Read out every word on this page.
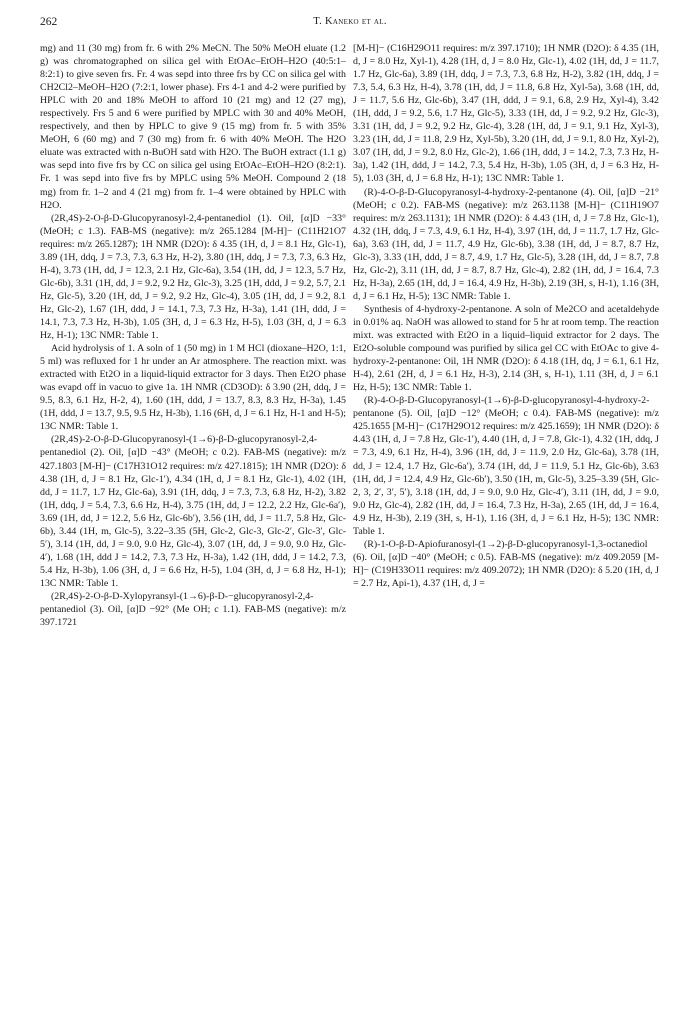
262	T. Kaneko et al.

mg) and 11 (30 mg) from fr. 6 with 2% MeCN. The 50% MeOH eluate (1.2 g) was chromatographed on silica gel with EtOAc–EtOH–H2O (40:5:1–8:2:1) to give seven frs. Fr. 4 was sepd into three frs by CC on silica gel with CH2Cl2–MeOH–H2O (7:2:1, lower phase). Frs 4-1 and 4-2 were purified by HPLC with 20 and 18% MeOH to afford 10 (21 mg) and 12 (27 mg), respectively. Frs 5 and 6 were purified by MPLC with 30 and 40% MeOH, respectively, and then by HPLC to give 9 (15 mg) from fr. 5 with 35% MeOH, 6 (60 mg) and 7 (30 mg) from fr. 6 with 40% MeOH. The H2O eluate was extracted with n-BuOH satd with H2O. The BuOH extract (1.1 g) was sepd into five frs by CC on silica gel using EtOAc–EtOH–H2O (8:2:1). Fr. 1 was sepd into five frs by MPLC using 5% MeOH. Compound 2 (18 mg) from fr. 1–2 and 4 (21 mg) from fr. 1–4 were obtained by HPLC with H2O.

(2R,4S)-2-O-β-D-Glucopyranosyl-2,4-pentanediol (1). Oil, [α]D −33° (MeOH; c 1.3). FAB-MS (negative): m/z 265.1284 [M-H]− (C11H21O7 requires: m/z 265.1287); 1H NMR (D2O): δ 4.35 (1H, d, J = 8.1 Hz, Glc-1), 3.89 (1H, ddq, J = 7.3, 7.3, 6.3 Hz, H-2), 3.80 (1H, ddq, J = 7.3, 7.3, 6.3 Hz, H-4), 3.73 (1H, dd, J = 12.3, 2.1 Hz, Glc-6a), 3.54 (1H, dd, J = 12.3, 5.7 Hz, Glc-6b), 3.31 (1H, dd, J = 9.2, 9.2 Hz, Glc-3), 3.25 (1H, ddd, J = 9.2, 5.7, 2.1 Hz, Glc-5), 3.20 (1H, dd, J = 9.2, 9.2 Hz, Glc-4), 3.05 (1H, dd, J = 9.2, 8.1 Hz, Glc-2), 1.67 (1H, ddd, J = 14.1, 7.3, 7.3 Hz, H-3a), 1.41 (1H, ddd, J = 14.1, 7.3, 7.3 Hz, H-3b), 1.05 (3H, d, J = 6.3 Hz, H-5), 1.03 (3H, d, J = 6.3 Hz, H-1); 13C NMR: Table 1.

Acid hydrolysis of 1. A soln of 1 (50 mg) in 1 M HCl (dioxane–H2O, 1:1, 5 ml) was refluxed for 1 hr under an Ar atmosphere. The reaction mixt. was extracted with Et2O in a liquid-liquid extractor for 3 days. Then Et2O phase was evapd off in vacuo to give 1a. 1H NMR (CD3OD): δ 3.90 (2H, ddq, J = 9.5, 8.3, 6.1 Hz, H-2, 4), 1.60 (1H, ddd, J = 13.7, 8.3, 8.3 Hz, H-3a), 1.45 (1H, ddd, J = 13.7, 9.5, 9.5 Hz, H-3b), 1.16 (6H, d, J = 6.1 Hz, H-1 and H-5); 13C NMR: Table 1.

(2R,4S)-2-O-β-D-Glucopyranosyl-(1→6)-β-D-glucopyranosyl-2,4-pentanediol (2). Oil, [α]D −43° (MeOH; c 0.2). FAB-MS (negative): m/z 427.1803 [M-H]− (C17H31O12 requires: m/z 427.1815); 1H NMR (D2O): δ 4.38 (1H, d, J = 8.1 Hz, Glc-1′), 4.34 (1H, d, J = 8.1 Hz, Glc-1), 4.02 (1H, dd, J = 11.7, 1.7 Hz, Glc-6a), 3.91 (1H, ddq, J = 7.3, 7.3, 6.8 Hz, H-2), 3.82 (1H, ddq, J = 5.4, 7.3, 6.6 Hz, H-4), 3.75 (1H, dd, J = 12.2, 2.2 Hz, Glc-6a′), 3.69 (1H, dd, J = 12.2, 5.6 Hz, Glc-6b′), 3.56 (1H, dd, J = 11.7, 5.8 Hz, Glc-6b), 3.44 (1H, m, Glc-5), 3.22–3.35 (5H, Glc-2, Glc-3, Glc-2′, Glc-3′, Glc-5′), 3.14 (1H, dd, J = 9.0, 9.0 Hz, Glc-4), 3.07 (1H, dd, J = 9.0, 9.0 Hz, Glc-4′), 1.68 (1H, ddd J = 14.2, 7.3, 7.3 Hz, H-3a), 1.42 (1H, ddd, J = 14.2, 7.3, 5.4 Hz, H-3b), 1.06 (3H, d, J = 6.6 Hz, H-5), 1.04 (3H, d, J = 6.8 Hz, H-1); 13C NMR: Table 1.

(2R,4S)-2-O-β-D-Xylopyransyl-(1→6)-β-D-−glucopyranosyl-2,4-pentanediol (3). Oil, [α]D −92° (Me OH; c 1.1). FAB-MS (negative): m/z 397.1721

[M-H]− (C16H29O11 requires: m/z 397.1710); 1H NMR (D2O): δ 4.35 (1H, d, J = 8.0 Hz, Xyl-1), 4.28 (1H, d, J = 8.0 Hz, Glc-1), 4.02 (1H, dd, J = 11.7, 1.7 Hz, Glc-6a), 3.89 (1H, ddq, J = 7.3, 7.3, 6.8 Hz, H-2), 3.82 (1H, ddq, J = 7.3, 5.4, 6.3 Hz, H-4), 3.78 (1H, dd, J = 11.8, 6.8 Hz, Xyl-5a), 3.68 (1H, dd, J = 11.7, 5.6 Hz, Glc-6b), 3.47 (1H, ddd, J = 9.1, 6.8, 2.9 Hz, Xyl-4), 3.42 (1H, ddd, J = 9.2, 5.6, 1.7 Hz, Glc-5), 3.33 (1H, dd, J = 9.2, 9.2 Hz, Glc-3), 3.31 (1H, dd, J = 9.2, 9.2 Hz, Glc-4), 3.28 (1H, dd, J = 9.1, 9.1 Hz, Xyl-3), 3.23 (1H, dd, J = 11.8, 2.9 Hz, Xyl-5b), 3.20 (1H, dd, J = 9.1, 8.0 Hz, Xyl-2), 3.07 (1H, dd, J = 9.2, 8.0 Hz, Glc-2), 1.66 (1H, ddd, J = 14.2, 7.3, 7.3 Hz, H-3a), 1.42 (1H, ddd, J = 14.2, 7.3, 5.4 Hz, H-3b), 1.05 (3H, d, J = 6.3 Hz, H-5), 1.03 (3H, d, J = 6.8 Hz, H-1); 13C NMR: Table 1.

(R)-4-O-β-D-Glucopyranosyl-4-hydroxy-2-pentanone (4). Oil, [α]D −21° (MeOH; c 0.2). FAB-MS (negative): m/z 263.1138 [M-H]− (C11H19O7 requires: m/z 263.1131); 1H NMR (D2O): δ 4.43 (1H, d, J = 7.8 Hz, Glc-1), 4.32 (1H, ddq, J = 7.3, 4.9, 6.1 Hz, H-4), 3.97 (1H, dd, J = 11.7, 1.7 Hz, Glc-6a), 3.63 (1H, dd, J = 11.7, 4.9 Hz, Glc-6b), 3.38 (1H, dd, J = 8.7, 8.7 Hz, Glc-3), 3.33 (1H, ddd, J = 8.7, 4.9, 1.7 Hz, Glc-5), 3.28 (1H, dd, J = 8.7, 7.8 Hz, Glc-2), 3.11 (1H, dd, J = 8.7, 8.7 Hz, Glc-4), 2.82 (1H, dd, J = 16.4, 7.3 Hz, H-3a), 2.65 (1H, dd, J = 16.4, 4.9 Hz, H-3b), 2.19 (3H, s, H-1), 1.16 (3H, d, J = 6.1 Hz, H-5); 13C NMR: Table 1.

Synthesis of 4-hydroxy-2-pentanone. A soln of Me2CO and acetaldehyde in 0.01% aq. NaOH was allowed to stand for 5 hr at room temp. The reaction mixt. was extracted with Et2O in a liquid–liquid extractor for 2 days. The Et2O-soluble compound was purified by silica gel CC with EtOAc to give 4-hydroxy-2-pentanone: Oil, 1H NMR (D2O): δ 4.18 (1H, dq, J = 6.1, 6.1 Hz, H-4), 2.61 (2H, d, J = 6.1 Hz, H-3), 2.14 (3H, s, H-1), 1.11 (3H, d, J = 6.1 Hz, H-5); 13C NMR: Table 1.

(R)-4-O-β-D-Glucopyranosyl-(1→6)-β-D-glucopyranosyl-4-hydroxy-2-pentanone (5). Oil, [α]D −12° (MeOH; c 0.4). FAB-MS (negative): m/z 425.1655 [M-H]− (C17H29O12 requires: m/z 425.1659); 1H NMR (D2O): δ 4.43 (1H, d, J = 7.8 Hz, Glc-1′), 4.40 (1H, d, J = 7.8, Glc-1), 4.32 (1H, ddq, J = 7.3, 4.9, 6.1 Hz, H-4), 3.96 (1H, dd, J = 11.9, 2.0 Hz, Glc-6a), 3.78 (1H, dd, J = 12.4, 1.7 Hz, Glc-6a′), 3.74 (1H, dd, J = 11.9, 5.1 Hz, Glc-6b), 3.63 (1H, dd, J = 12.4, 4.9 Hz, Glc-6b′), 3.50 (1H, m, Glc-5), 3.25–3.39 (5H, Glc-2, 3, 2′, 3′, 5′), 3.18 (1H, dd, J = 9.0, 9.0 Hz, Glc-4′), 3.11 (1H, dd, J = 9.0, 9.0 Hz, Glc-4), 2.82 (1H, dd, J = 16.4, 7.3 Hz, H-3a), 2.65 (1H, dd, J = 16.4, 4.9 Hz, H-3b), 2.19 (3H, s, H-1), 1.16 (3H, d, J = 6.1 Hz, H-5); 13C NMR: Table 1.

(R)-1-O-β-D-Apiofuranosyl-(1→2)-β-D-glucopyranosyl-1,3-octanediol (6). Oil, [α]D −40° (MeOH; c 0.5). FAB-MS (negative): m/z 409.2059 [M-H]− (C19H33O11 requires: m/z 409.2072); 1H NMR (D2O): δ 5.20 (1H, d, J = 2.7 Hz, Api-1), 4.37 (1H, d, J =
